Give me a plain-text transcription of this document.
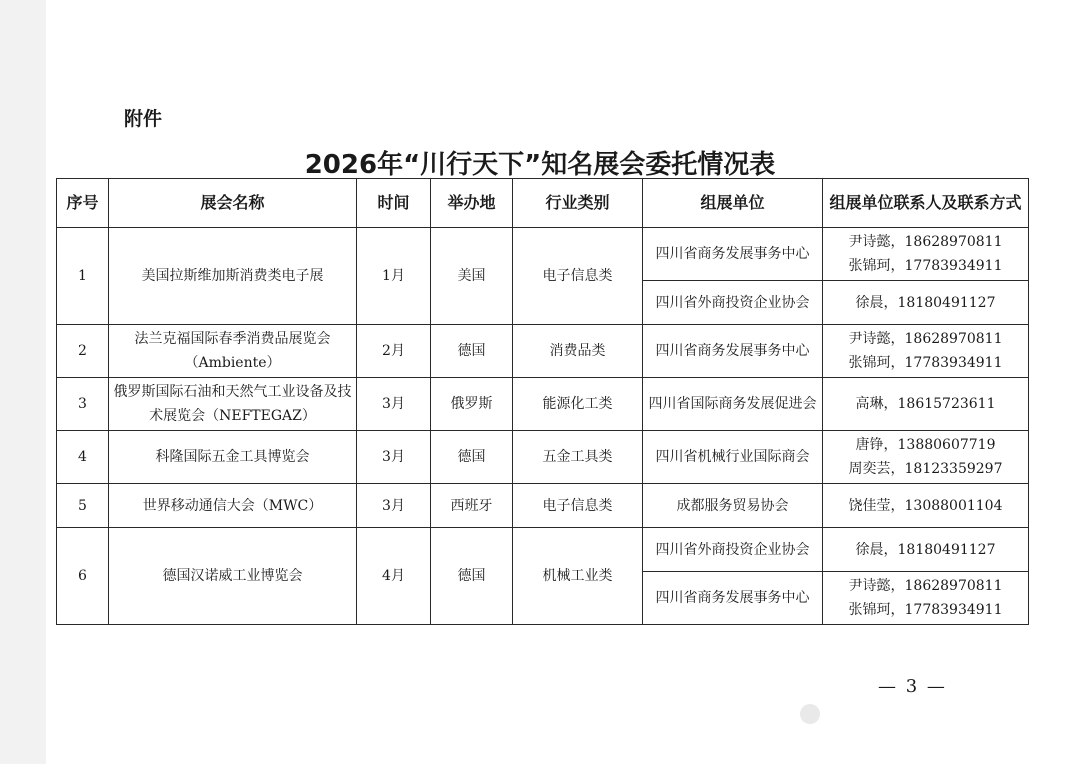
附件
2026年“川行天下”知名展会委托情况表
序号	展会名称	时间	举办地	行业类别	组展单位	组展单位联系人及联系方式
1	美国拉斯维加斯消费类电子展	1月	美国	电子信息类	四川省商务发展事务中心	尹诗懿，18628970811
张锦珂，17783934911

					四川省外商投资企业协会	徐晨，18180491127

2	法兰克福国际春季消费品展览会（Ambiente）	2月	德国	消费品类	四川省商务发展事务中心	尹诗懿，18628970811
张锦珂，17783934911

3	俄罗斯国际石油和天然气工业设备及技术展览会（NEFTEGAZ）	3月	俄罗斯	能源化工类	四川省国际商务发展促进会	高琳，18615723611

4	科隆国际五金工具博览会	3月	德国	五金工具类	四川省机械行业国际商会	唐铮，13880607719
周奕芸，18123359297

5	世界移动通信大会（MWC）	3月	西班牙	电子信息类	成都服务贸易协会	饶佳莹，13088001104

6	德国汉诺威工业博览会	4月	德国	机械工业类	四川省外商投资企业协会	徐晨，18180491127

					四川省商务发展事务中心	尹诗懿，18628970811
张锦珂，17783934911
— 3 —
